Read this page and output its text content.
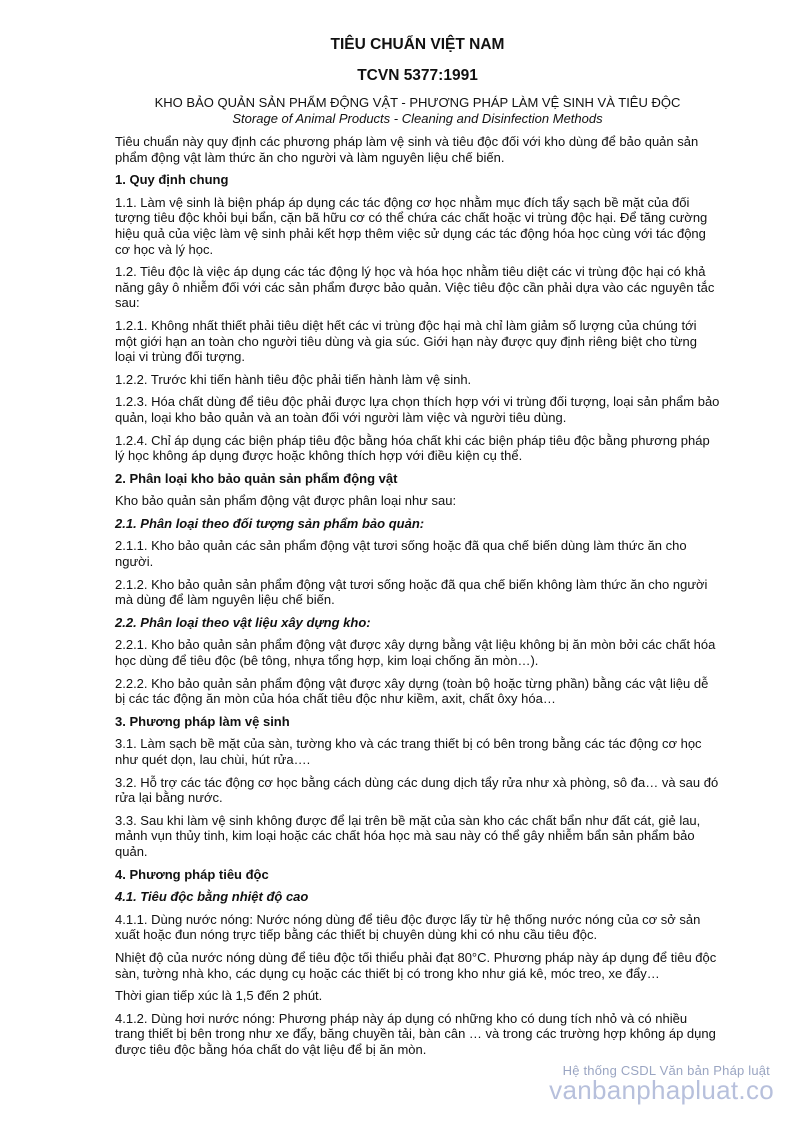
TIÊU CHUẨN VIỆT NAM
TCVN 5377:1991
KHO BẢO QUẢN SẢN PHẨM ĐỘNG VẬT - PHƯƠNG PHÁP LÀM VỆ SINH VÀ TIÊU ĐỘC
Storage of Animal Products - Cleaning and Disinfection Methods

Tiêu chuẩn này quy định các phương pháp làm vệ sinh và tiêu độc đối với kho dùng để bảo quản sản phẩm động vật làm thức ăn cho người và làm nguyên liệu chế biến.

1. Quy định chung

1.1. Làm vệ sinh là biện pháp áp dụng các tác động cơ học nhằm mục đích tẩy sạch bề mặt của đối tượng tiêu độc khỏi bụi bẩn, cặn bã hữu cơ có thể chứa các chất hoặc vi trùng độc hại. Để tăng cường hiệu quả của việc làm vệ sinh phải kết hợp thêm việc sử dụng các tác động hóa học cùng với tác động cơ học và lý học.

1.2. Tiêu độc là việc áp dụng các tác động lý học và hóa học nhằm tiêu diệt các vi trùng độc hại có khả năng gây ô nhiễm đối với các sản phẩm được bảo quản. Việc tiêu độc cần phải dựa vào các nguyên tắc sau:

1.2.1. Không nhất thiết phải tiêu diệt hết các vi trùng độc hại mà chỉ làm giảm số lượng của chúng tới một giới hạn an toàn cho người tiêu dùng và gia súc. Giới hạn này được quy định riêng biệt cho từng loại vi trùng đối tượng.

1.2.2. Trước khi tiến hành tiêu độc phải tiến hành làm vệ sinh.

1.2.3. Hóa chất dùng để tiêu độc phải được lựa chọn thích hợp với vi trùng đối tượng, loại sản phẩm bảo quản, loại kho bảo quản và an toàn đối với người làm việc và người tiêu dùng.

1.2.4. Chỉ áp dụng các biện pháp tiêu độc bằng hóa chất khi các biện pháp tiêu độc bằng phương pháp lý học không áp dụng được hoặc không thích hợp với điều kiện cụ thể.

2. Phân loại kho bảo quản sản phẩm động vật

Kho bảo quản sản phẩm động vật được phân loại như sau:

2.1. Phân loại theo đối tượng sản phẩm bảo quản:

2.1.1. Kho bảo quản các sản phẩm động vật tươi sống hoặc đã qua chế biến dùng làm thức ăn cho người.

2.1.2. Kho bảo quản sản phẩm động vật tươi sống hoặc đã qua chế biến không làm thức ăn cho người mà dùng để làm nguyên liệu chế biến.

2.2. Phân loại theo vật liệu xây dựng kho:

2.2.1. Kho bảo quản sản phẩm động vật được xây dựng bằng vật liệu không bị ăn mòn bởi các chất hóa học dùng để tiêu độc (bê tông, nhựa tổng hợp, kim loại chống ăn mòn…).

2.2.2. Kho bảo quản sản phẩm động vật được xây dựng (toàn bộ hoặc từng phần) bằng các vật liệu dễ bị các tác động ăn mòn của hóa chất tiêu độc như kiềm, axit, chất ôxy hóa…

3. Phương pháp làm vệ sinh

3.1. Làm sạch bề mặt của sàn, tường kho và các trang thiết bị có bên trong bằng các tác động cơ học như quét dọn, lau chùi, hút rửa….

3.2. Hỗ trợ các tác động cơ học bằng cách dùng các dung dịch tẩy rửa như xà phòng, sô đa… và sau đó rửa lại bằng nước.

3.3. Sau khi làm vệ sinh không được để lại trên bề mặt của sàn kho các chất bẩn như đất cát, giẻ lau, mảnh vụn thủy tinh, kim loại hoặc các chất hóa học mà sau này có thể gây nhiễm bẩn sản phẩm bảo quản.

4. Phương pháp tiêu độc

4.1. Tiêu độc bằng nhiệt độ cao

4.1.1. Dùng nước nóng: Nước nóng dùng để tiêu độc được lấy từ hệ thống nước nóng của cơ sở sản xuất hoặc đun nóng trực tiếp bằng các thiết bị chuyên dùng khi có nhu cầu tiêu độc.

Nhiệt độ của nước nóng dùng để tiêu độc tối thiểu phải đạt 80°C. Phương pháp này áp dụng để tiêu độc sàn, tường nhà kho, các dụng cụ hoặc các thiết bị có trong kho như giá kê, móc treo, xe đẩy…

Thời gian tiếp xúc là 1,5 đến 2 phút.

4.1.2. Dùng hơi nước nóng: Phương pháp này áp dụng có những kho có dung tích nhỏ và có nhiều trang thiết bị bên trong như xe đẩy, băng chuyền tải, bàn cân … và trong các trường hợp không áp dụng được tiêu độc bằng hóa chất do vật liệu để bị ăn mòn.

Hệ thống CSDL Văn bản Pháp luật
vanbanphapluat.co
